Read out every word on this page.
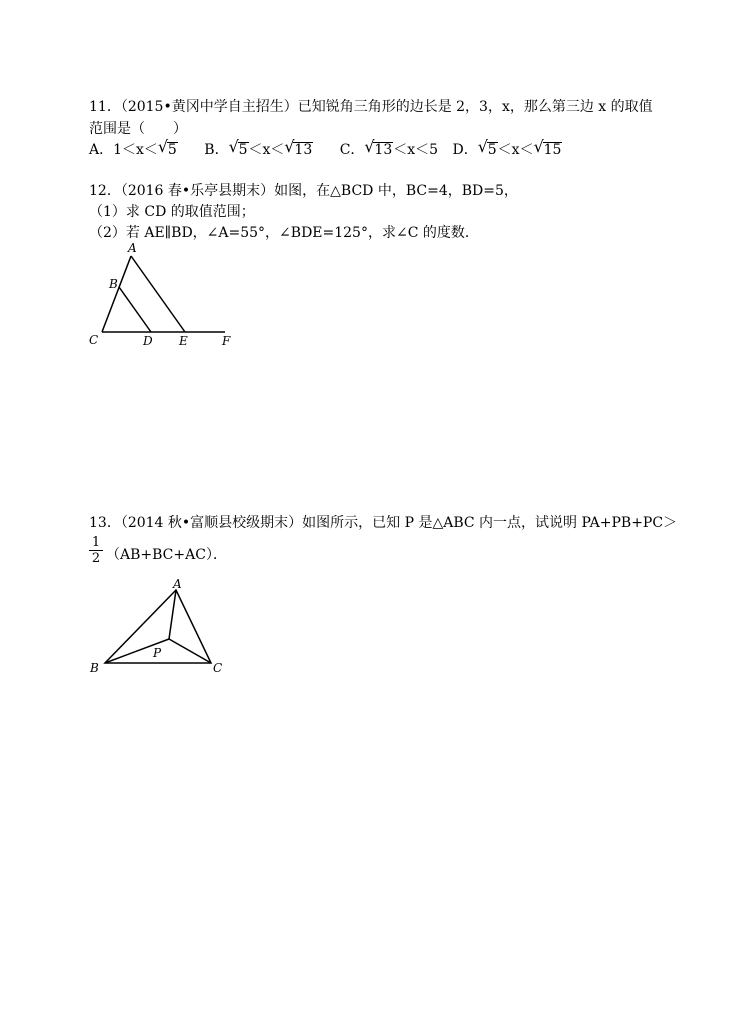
11．（2015•黄冈中学自主招生）已知锐角三角形的边长是 2，3，x，那么第三边 x 的取值
范围是（　　）
A．1＜x＜ √ 5 B． √ 5＜x＜ √ 13 C． √ 13＜x＜5 D． √ 5＜x＜ √ 15
12．（2016 春•乐亭县期末）如图，在△BCD 中，BC=4，BD=5，
（1）求 CD 的取值范围；
（2）若 AE∥BD，∠A=55°，∠BDE=125°，求∠C 的度数．
A
B
C	D E	F
13．（2014 秋•富顺县校级期末）如图所示，已知 P 是△ABC 内一点，试说明 PA+PB+PC＞
$\frac{1}{2} (AB+BC+AC)$．
A
B	C
P
